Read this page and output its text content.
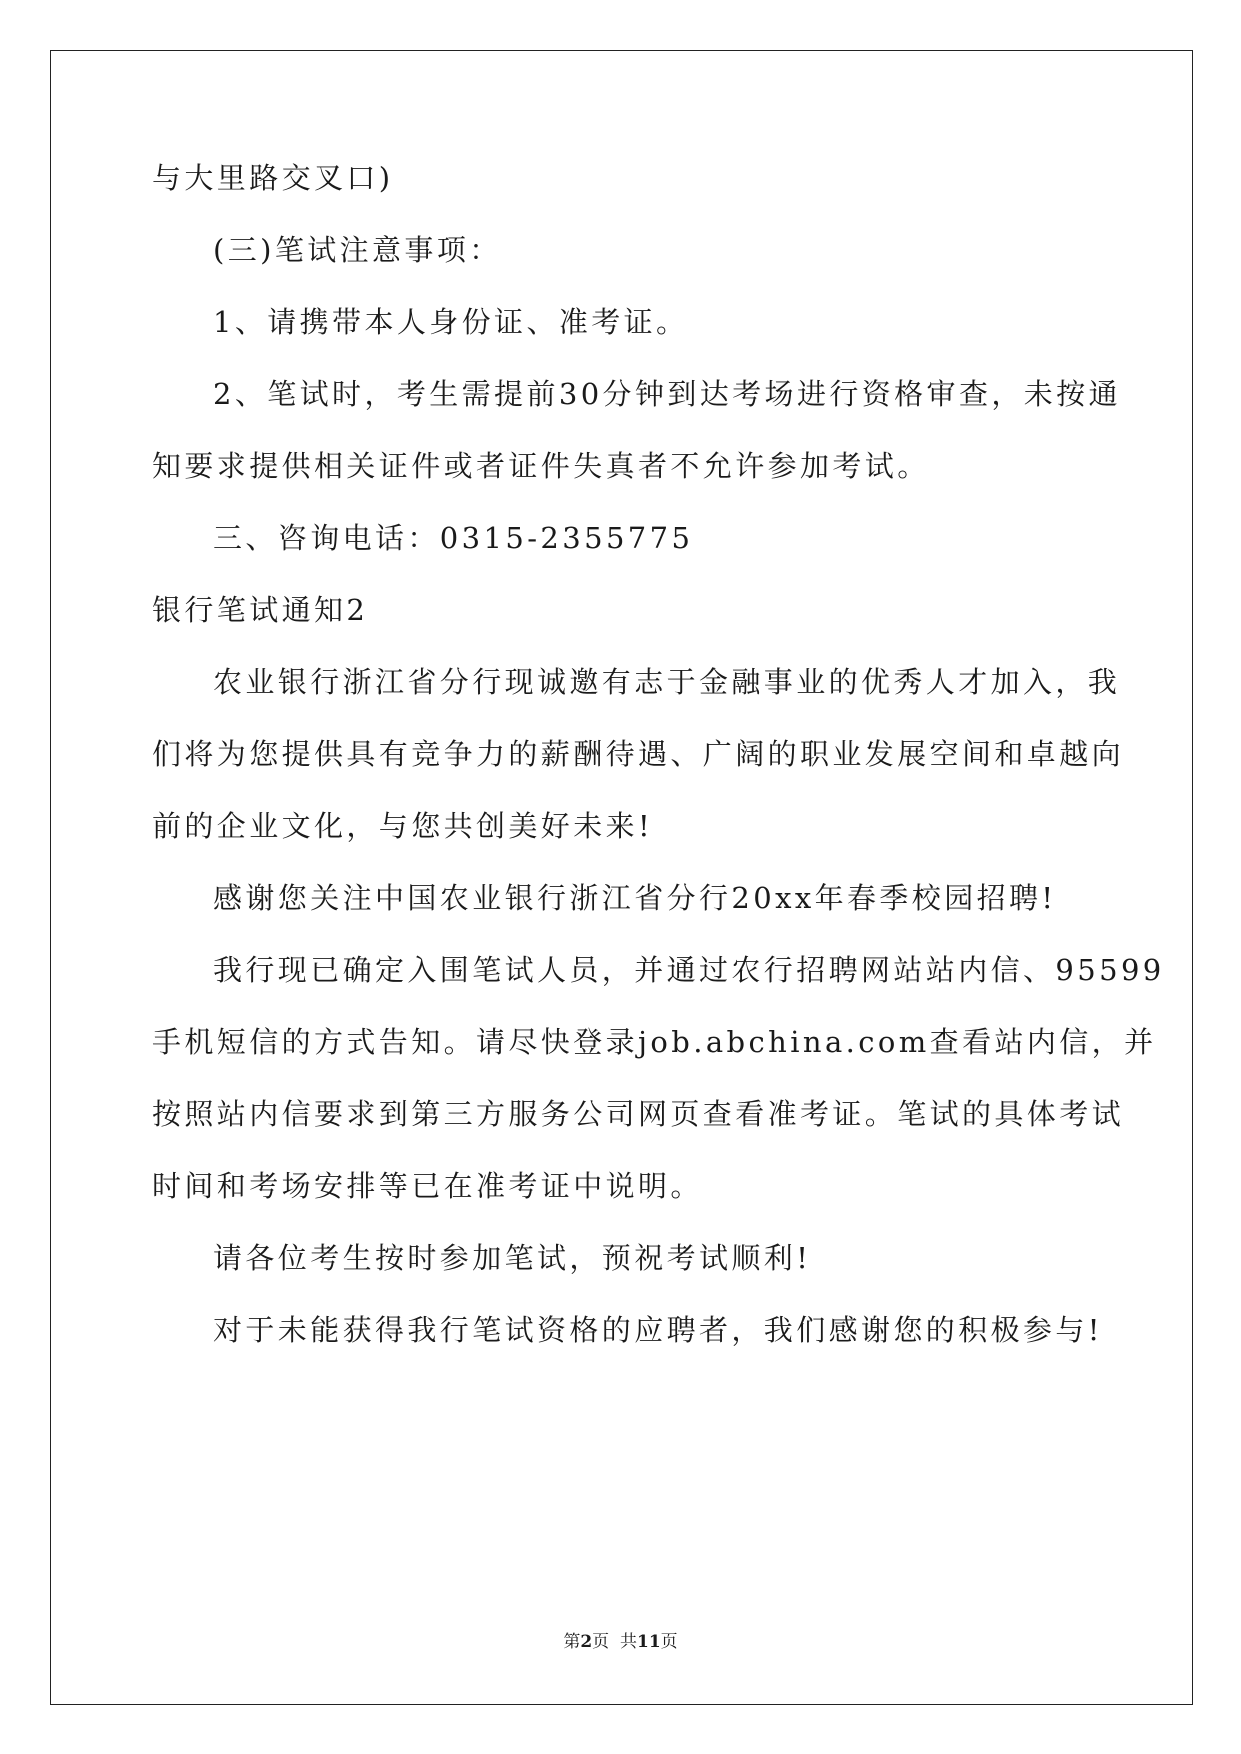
与大里路交叉口)

(三)笔试注意事项：

1、请携带本人身份证、准考证。

2、笔试时，考生需提前30分钟到达考场进行资格审查，未按通

知要求提供相关证件或者证件失真者不允许参加考试。

三、咨询电话：0315-2355775

银行笔试通知2

农业银行浙江省分行现诚邀有志于金融事业的优秀人才加入，我

们将为您提供具有竞争力的薪酬待遇、广阔的职业发展空间和卓越向

前的企业文化，与您共创美好未来!

感谢您关注中国农业银行浙江省分行20xx年春季校园招聘!

我行现已确定入围笔试人员，并通过农行招聘网站站内信、95599

手机短信的方式告知。请尽快登录job.abchina.com查看站内信，并

按照站内信要求到第三方服务公司网页查看准考证。笔试的具体考试

时间和考场安排等已在准考证中说明。

请各位考生按时参加笔试，预祝考试顺利!

对于未能获得我行笔试资格的应聘者，我们感谢您的积极参与!

第2页  共11页
